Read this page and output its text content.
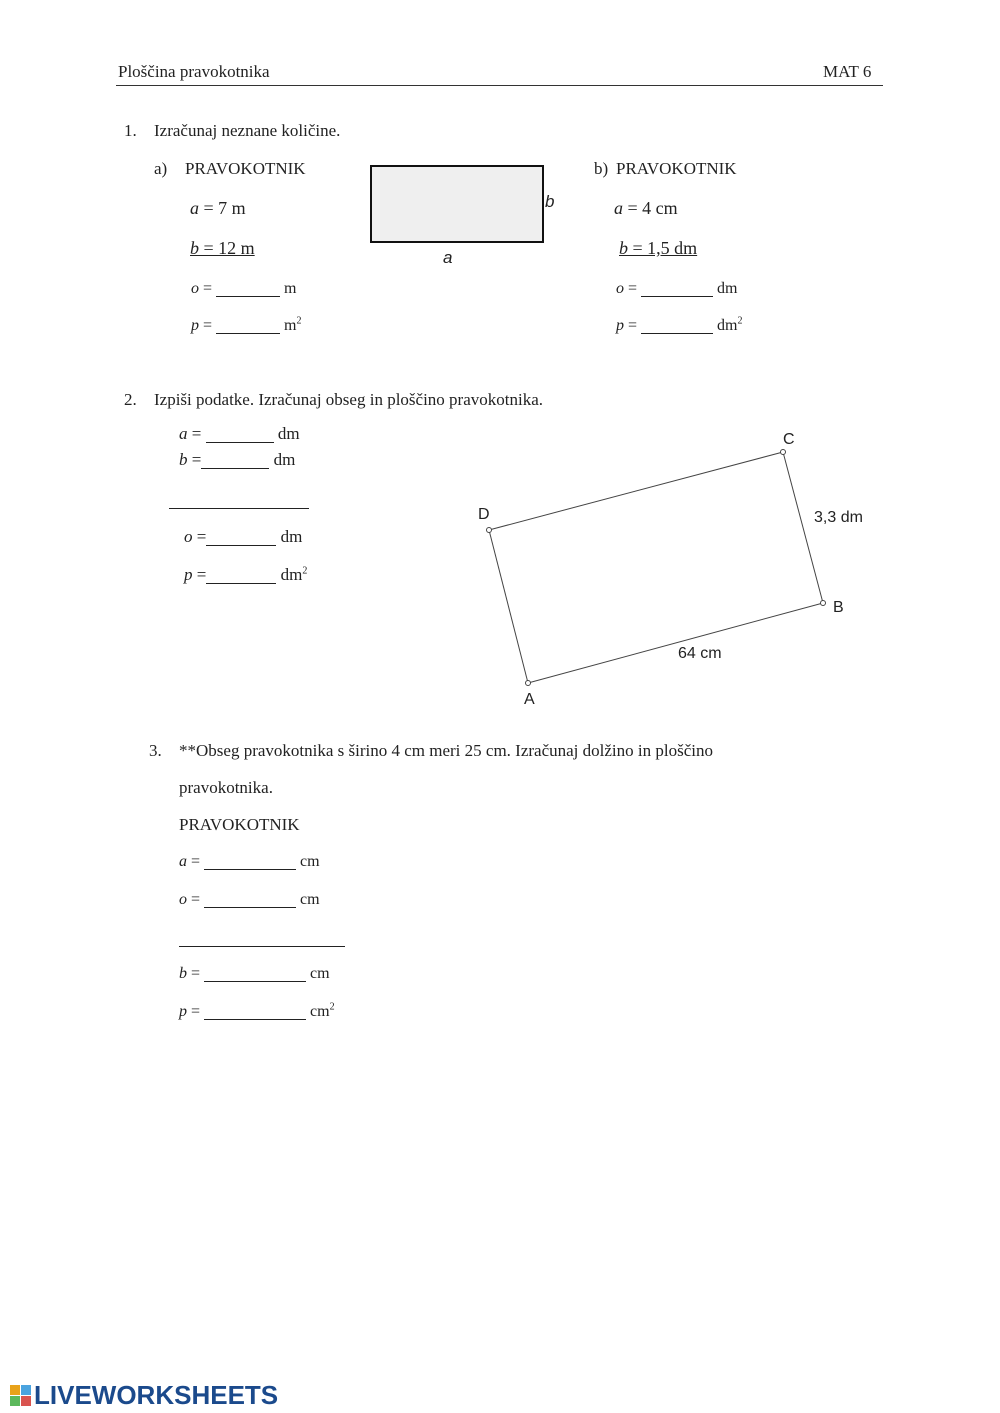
Ploščina pravokotnika	MAT 6
1. Izračunaj neznane količine.
a) PRAVOKOTNIK
a = 7 m
b = 12 m
o =	m
p =	$m^2$
b
a
b) PRAVOKOTNIK
a = 4 cm
b = 1,5 dm
o =	dm
p =	$dm^2$
2. Izpiši podatke. Izračunaj obseg in ploščino pravokotnika.
a =	dm
b =	dm
o =	dm
p =	$dm^2$
A
B
C
D
64 cm
3,3 dm
3. **Obseg pravokotnika s širino 4 cm meri 25 cm. Izračunaj dolžino in ploščino
pravokotnika.
PRAVOKOTNIK
a =	cm
o =	cm
b =	cm
p =	$cm^2$
LIVEWORKSHEETS
